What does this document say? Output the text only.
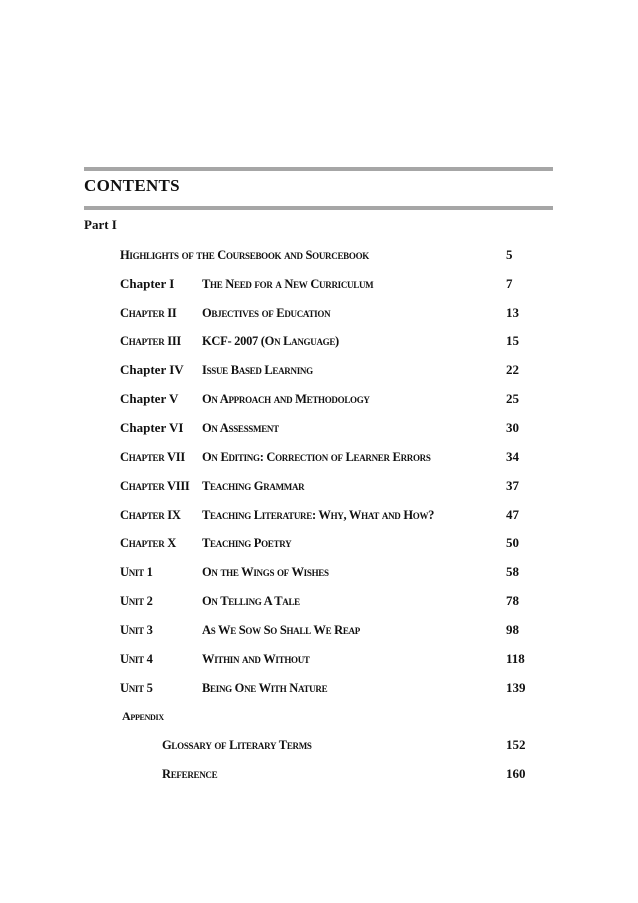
CONTENTS
Part I
Highlights of the Coursebook and Sourcebook	5
Chapter I The Need for a New Curriculum	7
Chapter II Objectives of Education	13
Chapter III KCF- 2007 (On Language)	15
Chapter IV Issue Based Learning	22
Chapter V On Approach and Methodology	25
Chapter VI On Assessment	30
Chapter VII On Editing: Correction of Learner Errors	34
Chapter VIII Teaching Grammar	37
Chapter IX Teaching Literature: Why, What and How?	47
Chapter X Teaching Poetry	50
Unit 1	On the Wings of Wishes	58
Unit 2	On Telling A Tale	78
Unit 3	As We Sow So Shall We Reap	98
Unit 4	Within and Without	118
Unit 5	Being One With Nature	139
Appendix
Glossary of Literary Terms	152
Reference	160
